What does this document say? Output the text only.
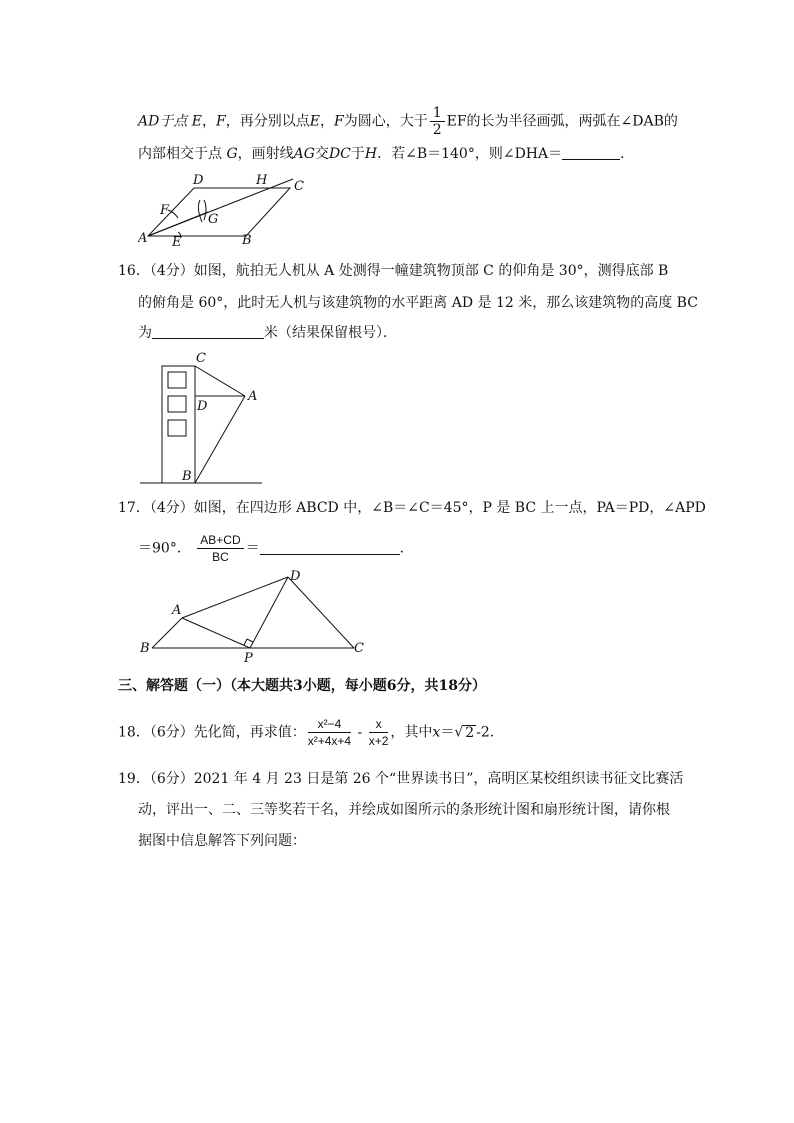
AD于点 E，F，再分别以点E，F为圆心，大于 $\frac{1}{2}$ EF的长为半径画弧，两弧在∠DAB的
内部相交于点 G，画射线AG交DC于H．若∠B＝140°，则∠DHA＝	．
D	H C
F
G
A E	B
16．（4分）如图，航拍无人机从 A 处测得一幢建筑物顶部 C 的仰角是 30°，测得底部 B
的俯角是 60°，此时无人机与该建筑物的水平距离 AD 是 12 米，那么该建筑物的高度 BC
为	米（结果保留根号）．
C
A
D
B
17．（4分）如图，在四边形 ABCD 中，∠B＝∠C＝45°，P 是 BC 上一点，PA＝PD，∠APD
＝90°． $\frac{AB+CD}{BC}$ ＝	．
D
A
B
P
C
三、解答题（一）（本大题共3小题，每小题6分，共18分）
18．（6分）先化简，再求值： $\frac{\text{x²−4}}{\text{x²+4x+4}} - \frac{x}{x+2}$ ，其中x＝√ 2 -2．
19．（6分）2021 年 4 月 23 日是第 26 个“世界读书日”，高明区某校组织读书征文比赛活
动，评出一、二、三等奖若干名，并绘成如图所示的条形统计图和扇形统计图，请你根
据图中信息解答下列问题：
